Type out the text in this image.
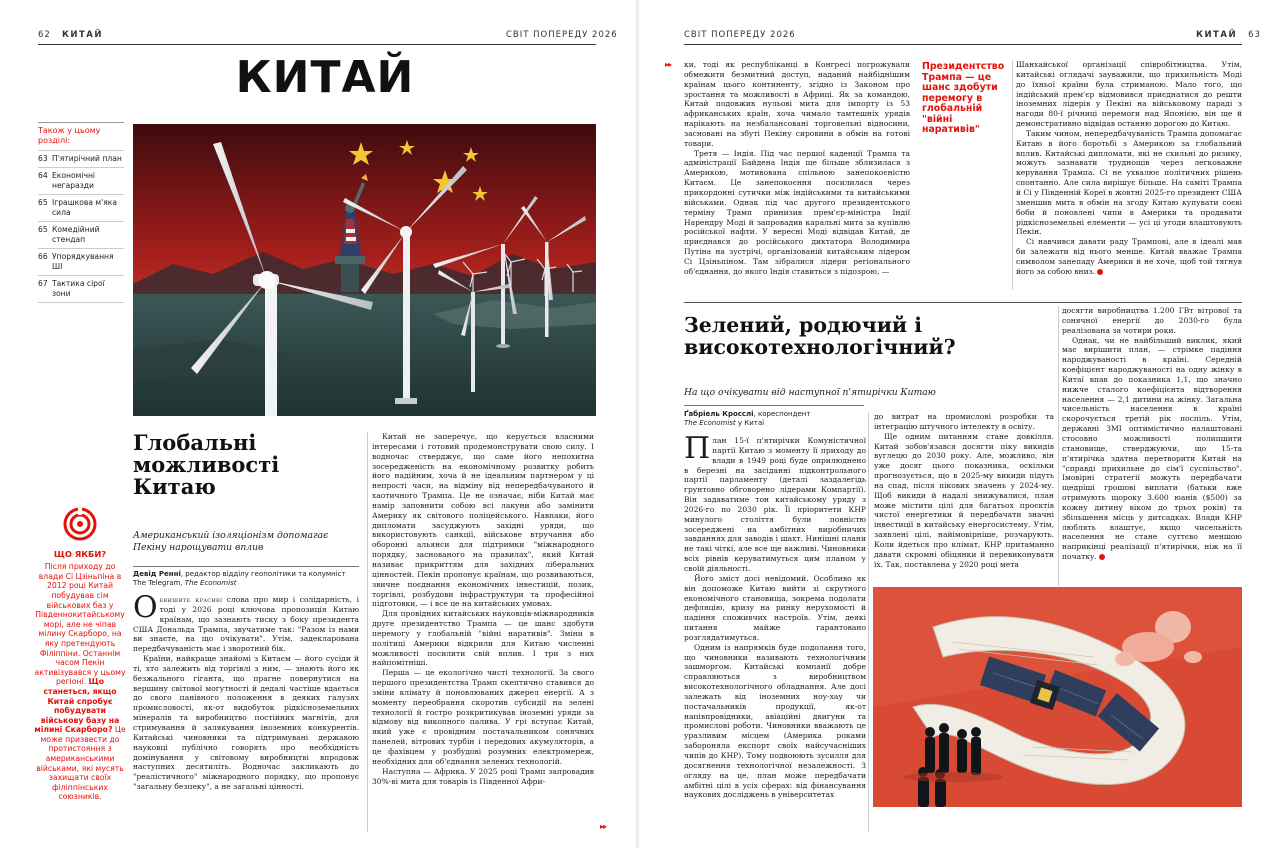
62 КИТАЙ	СВІТ ПОПЕРЕДУ 2026
КИТАЙ
Також у цьому розділі:
63 П'ятирічний план
64 Економічні негаразди
65 Іграшкова м'яка сила
65 Комедійний стендап
66 Упорядкування ШІ
67 Тактика сірої зони
ЩО ЯКБИ?
Після приходу до влади Сі Цзіньпіна в 2012 році Китай побудував сім військових баз у Південнокитайському морі, але не чіпав мілину Скарборо, на яку претендують Філіппіни. Останнім часом Пекін активізувався у цьому регіоні. Що станеться, якщо Китай спробує побудувати військову базу на мілині Скарборо? Це може призвести до протистояння з американськими військами, які мусять захищати своїх філіппінських союзників.
Глобальні можливості Китаю
Американський ізоляціонізм допомагає Пекіну нарощувати вплив
Девід Ренні, редактор відділу геополітики та колумніст
The Telegram, The Economist

Обвишите красиві слова про мир і солідарність, і тоді у 2026 році ключова пропозиція Китаю країнам, що зазнають тиску з боку президента США Дональда Трампа, звучатиме так: "Разом із нами ви знаєте, на що очікувати". Утім, задекларована передбачуваність має і зворотний бік.

Країни, найкраще знайомі з Китаєм — його сусіди й ті, хто залежить від торгівлі з ним, — знають його як безжального гіганта, що прагне повернутися на вершину світової могутності й дедалі частіше вдається до свого панівного положення в деяких галузях промисловості, як-от видобуток рідкісноземельних мінералів та виробництво постійних магнітів, для стримування й залякування іноземних конкурентів. Китайські чиновники та підтримувані державою науковці публічно говорять про необхідність домінування у світовому виробництві впродовж наступних десятиліть. Водночас закликають до "реалістичного" міжнародного порядку, що пропонує "загальну безпеку", а не загальні цінності.

Китай не заперечує, що керується власними інтересами і готовий продемонструвати свою силу. І водночас стверджує, що саме його непохитна зосередженість на економічному розвитку робить його надійним, хоча й не ідеальним партнером у ці непрості часи, на відміну від непередбачуваного й хаотичного Трампа. Це не означає, ніби Китай має намір заповнити собою всі лакуни або замінити Америку як світового поліцейського. Навпаки, його дипломати засуджують західні уряди, що використовують санкції, військове втручання або оборонні альянси для підтримки "міжнародного порядку, заснованого на правилах", який Китай називає прикриттям для західних ліберальних цінностей. Пекін пропонує країнам, що розвиваються, звичне поєднання економічних інвестицій, позик, торгівлі, розбудови інфраструктури та професійної підготовки, — і все це на китайських умовах.

Для провідних китайських науковців-міжнародників друге президентство Трампа — це шанс здобути перемогу у глобальній "війні наративів". Зміни в політиці Америки відкрили для Китаю численні можливості посилити свій вплив. І три з них найпомітніші.

Перша — це екологічно чисті технології. За свого першого президентства Трамп скептично ставився до зміни клімату й поновлюваних джерел енергії. А з моменту переобрання скоротив субсидії на зелені технології й гостро розкритикував іноземні уряди за відмову від викопного палива. У грі вступає Китай, який уже є провідним постачальником сонячних панелей, вітрових турбін і передових акумуляторів, а це фахівцем у розбудові розумних електромереж, необхідних для об'єднання зелених технологій.

Наступна — Африка. У 2025 році Трамп запровадив 30%-ві мита для товарів із Південної Афри-

▸▸
СВІТ ПОПЕРЕДУ 2026	КИТАЙ 63
▸▸ ки, тоді як республіканці в Конгресі погрожували обмежити безмитний доступ, наданий найбіднішим країнам цього континенту, згідно із Законом про зростання та можливості в Африці. Як за командою, Китай подовжив нульові мита для імпорту із 53 африканських країн, хоча чимало тамтешніх урядів нарікають на незбалансовані торговельні відносини, засновані на збуті Пекіну сировини в обмін на готові товари.

Третя — Індія. Під час першої каденції Трампа та адміністрації Байдена Індія ще більше зблизилася з Америкою, мотивована спільною занепокоєністю Китаєм. Це занепокоєння посилилася через прикордонні сутички між індійськими та китайськими військами. Однак під час другого президентського терміну Трамп принизив прем'єр-міністра Індії Нарендру Моді й запровадив каральні мита за купівлю російської нафти. У вересні Моді відвідав Китай, де приєднався до російського диктатора Володимира Путіна на зустрічі, організованій китайським лідером Сі Цзіньпіном. Там зібралися лідери регіонального об'єднання, до якого Індія ставиться з підозрою, —

Президентство Трампа — це шанс здобути перемогу в глобальній "війні наративів"

Шанхайської організації співробітництва. Утім, китайські оглядачі зауважили, що прихильність Моді до їхньої країни була стриманою. Мало того, що індійський прем'єр відмовився приєднатися до решти іноземних лідерів у Пекіні на військовому параді з нагоди 80-ї річниці перемоги над Японією, він ще й демонстративно відвідав останню дорогою до Китаю.

Таким чином, непередбачуваність Трампа допомагає Китаю в його боротьбі з Америкою за глобальний вплив. Китайські дипломати, які не схильні до ризику, можуть зазнавати труднощів через легковажне керування Трампа. Сі не ухвалює політичних рішень спонтанно. Але сила вирішує більше. На саміті Трампа й Сі у Південній Кореї в жовтні 2025-го президент США зменшив мита в обмін на згоду Китаю купувати соєві боби й поновлені чипи в Америки та продавати рідкісноземельні елементи — усі ці угоди влаштовують Пекін.

Сі навчився давати раду Трампові, але в ідеалі мав би залежати від нього менше. Китай вважає Трампа символом занепаду Америки й не хоче, щоб той тягнув його за собою вниз.

Зелений, родючий і високотехнологічний?
На що очікувати від наступної п'ятирічки Китаю
Ґабріель Кросслі, кореспондент
The Economist у Китаї

План 15-ї п'ятирічки Комуністичної партії Китаю з моменту її приходу до влади в 1949 році буде оприлюднено в березні на засіданні підконтрольного партії парламенту (деталі заздалегідь грунтовно обговорено лідерами Компартії). Він задаватиме тон китайському уряду з 2026-го по 2030 рік. Її пріоритети КНР минулого століття були повністю зосереджені на амбітних виробничих завданнях для заводів і шахт. Нинішні плани не такі чіткі, але все ще важливі. Чиновники всіх рівнів керуватимуться цим планом у своїй діяльності.

Його зміст досі невідомий. Особливо як він допоможе Китаю вийти зі скрутного економічного становища, зокрема подолати дефляцію, кризу на ринку нерухомості й падіння споживчих настроїв. Утім, деякі питання майже гарантовано розглядатимуться.

Одним із напрямків буде подолання того, що чиновники називають технологічним зашморгом. Китайські компанії добре справляються з виробництвом високотехнологічного обладнання. Але досі залежать від іноземних ноу-хау чи постачальників продукції, як-от напівпровідники, авіаційні двигуни та промислові роботи. Чиновники вважають це уразливим місцем (Америка роками забороняла експорт своїх найсучасніших чипів до КНР). Тому подвоюють зусилля для досягнення технологічної незалежності. З огляду на це, план може передбачати амбітні цілі в усіх сферах: від фінансування наукових досліджень в університетах

до витрат на промислові розробки та інтеграцію штучного інтелекту в освіту.

Ще одним питанням стане довкілля. Китай зобов'язався досягти піку викидів вуглецю до 2030 року. Але, можливо, він уже досяг цього показника, оскільки прогнозується, що в 2025-му викиди підуть на спад, після пікових значень у 2024-му. Щоб викиди й надалі знижувалися, план може містити цілі для багатьох проєктів чистої енергетики й передбачати значні інвестиції в китайську енергосистему. Утім, заявлені цілі, найімовірніше, розчарують. Коли йдеться про клімат, КНР притаманно давати скромні обіцянки й перевиконувати їх. Так, поставлена у 2020 році мета

досягти виробництва 1.200 ГВт вітрової та сонячної енергії до 2030-го була реалізована за чотири роки.

Однак, чи не найбільший виклик, який має вирішити план, — стрімке падіння народжуваності в країні. Середній коефіцієнт народжуваності на одну жінку в Китаї впав до показника 1,1, що значно нижче сталого коефіцієнта відтворення населення — 2,1 дитини на жінку. Загальна чисельність населення в країні скорочується третій рік поспіль. Утім, державні ЗМІ оптимістично налаштовані стосовно можливості полипшити становище, стверджуючи, що 15-та п'ятирічка здатна перетворити Китай на "справді прихильне до сім'ї суспільство". Імовірні стратегії можуть передбачати щедріші грошові виплати (батьки вже отримують щороку 3.600 юанів ($500) за кожну дитину віком до трьох років) та збільшення місць у дитсадках. Влади КНР люблять влаштує, якщо чисельність населення не стане суттєво меншою наприкінці реалізації п'ятирічки, ніж на її початку.
